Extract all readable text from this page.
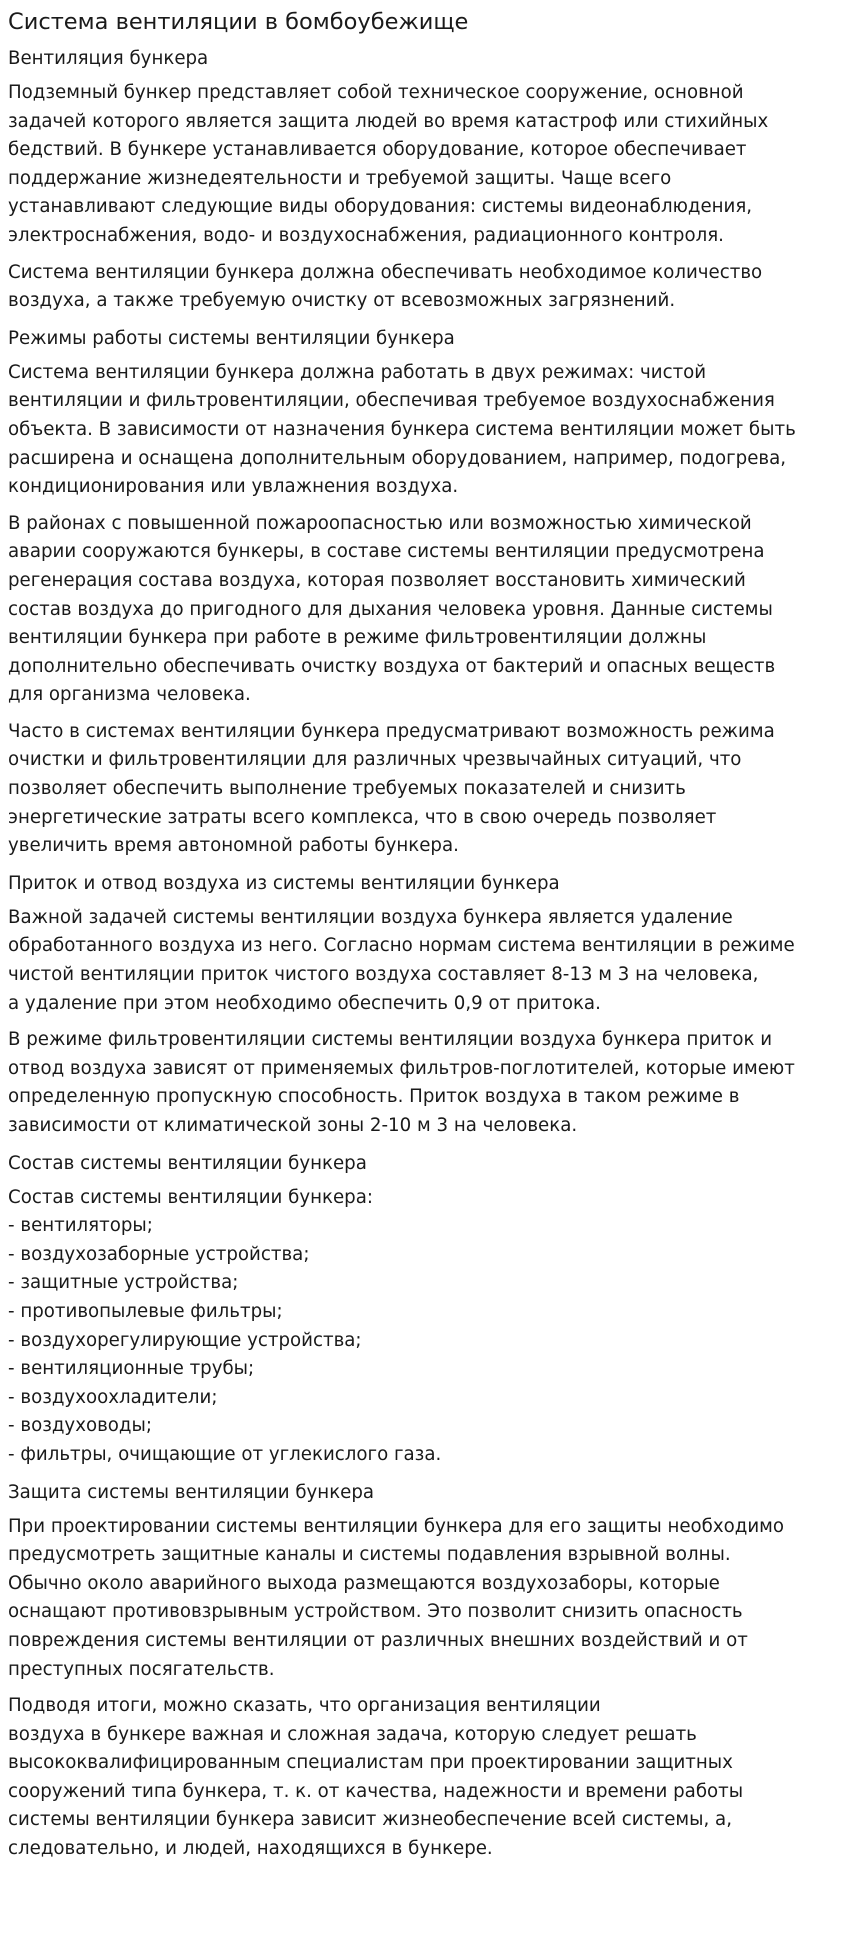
Система вентиляции в бомбоубежище
Вентиляция бункера
Подземный бункер представляет собой техническое сооружение, основной
задачей которого является защита людей во время катастроф или стихийных
бедствий. В бункере устанавливается оборудование, которое обеспечивает
поддержание жизнедеятельности и требуемой защиты. Чаще всего
устанавливают следующие виды оборудования: системы видеонаблюдения,
электроснабжения, водо- и воздухоснабжения, радиационного контроля.
Система вентиляции бункера должна обеспечивать необходимое количество
воздуха, а также требуемую очистку от всевозможных загрязнений.
Режимы работы системы вентиляции бункера
Система вентиляции бункера должна работать в двух режимах: чистой
вентиляции и фильтровентиляции, обеспечивая требуемое воздухоснабжения
объекта. В зависимости от назначения бункера система вентиляции может быть
расширена и оснащена дополнительным оборудованием, например, подогрева,
кондиционирования или увлажнения воздуха.
В районах с повышенной пожароопасностью или возможностью химической
аварии сооружаются бункеры, в составе системы вентиляции предусмотрена
регенерация состава воздуха, которая позволяет восстановить химический
состав воздуха до пригодного для дыхания человека уровня. Данные системы
вентиляции бункера при работе в режиме фильтровентиляции должны
дополнительно обеспечивать очистку воздуха от бактерий и опасных веществ
для организма человека.
Часто в системах вентиляции бункера предусматривают возможность режима
очистки и фильтровентиляции для различных чрезвычайных ситуаций, что
позволяет обеспечить выполнение требуемых показателей и снизить
энергетические затраты всего комплекса, что в свою очередь позволяет
увеличить время автономной работы бункера.
Приток и отвод воздуха из системы вентиляции бункера
Важной задачей системы вентиляции воздуха бункера является удаление
обработанного воздуха из него. Согласно нормам система вентиляции в режиме
чистой вентиляции приток чистого воздуха составляет 8-13 м 3 на человека,
а удаление при этом необходимо обеспечить 0,9 от притока.
В режиме фильтровентиляции системы вентиляции воздуха бункера приток и
отвод воздуха зависят от применяемых фильтров-поглотителей, которые имеют
определенную пропускную способность. Приток воздуха в таком режиме в
зависимости от климатической зоны 2-10 м 3 на человека.
Состав системы вентиляции бункера
Состав системы вентиляции бункера:
- вентиляторы;
- воздухозаборные устройства;
- защитные устройства;
- противопылевые фильтры;
- воздухорегулирующие устройства;
- вентиляционные трубы;
- воздухоохладители;
- воздуховоды;
- фильтры, очищающие от углекислого газа.
Защита системы вентиляции бункера
При проектировании системы вентиляции бункера для его защиты необходимо
предусмотреть защитные каналы и системы подавления взрывной волны.
Обычно около аварийного выхода размещаются воздухозаборы, которые
оснащают противовзрывным устройством. Это позволит снизить опасность
повреждения системы вентиляции от различных внешних воздействий и от
преступных посягательств.
Подводя итоги, можно сказать, что организация вентиляции
воздуха в бункере важная и сложная задача, которую следует решать
высококвалифицированным специалистам при проектировании защитных
сооружений типа бункера, т. к. от качества, надежности и времени работы
системы вентиляции бункера зависит жизнеобеспечение всей системы, а,
следовательно, и людей, находящихся в бункере.
